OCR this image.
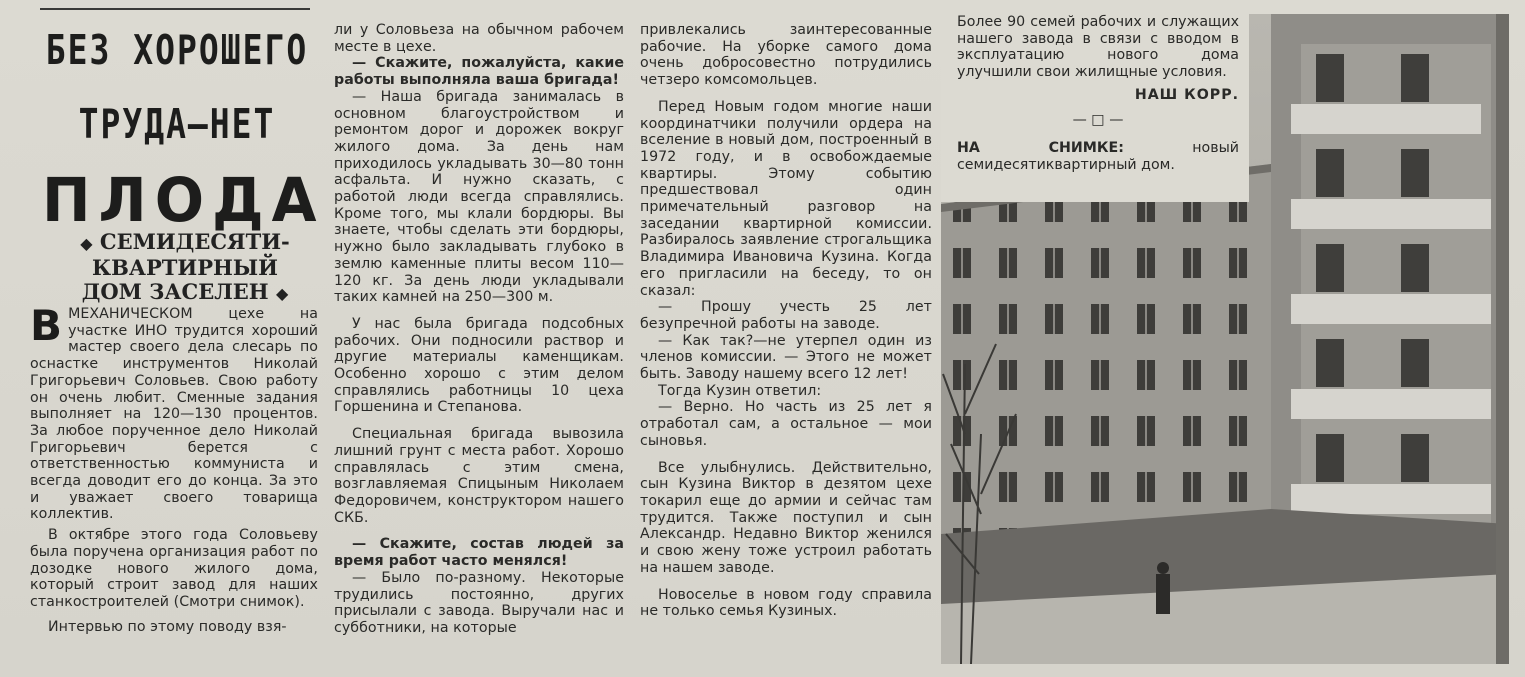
БЕЗ ХОРОШЕГО
ТРУДА—НЕТ
ПЛОДА
◆ СЕМИДЕСЯТИ-
КВАРТИРНЫЙ
ДОМ ЗАСЕЛЕН ◆

ВМЕХАНИЧЕСКОМ цехе на участке ИНО трудится хороший мастер своего дела слесарь по оснастке инструментов Николай Григорьевич Соловьев. Свою работу он очень любит. Сменные задания выполняет на 120—130 процентов. За любое порученное дело Николай Григорьевич берется с ответственностью коммуниста и всегда доводит его до конца. За это и уважает своего товарища коллектив.

В октябре этого года Соловьеву была поручена организация работ по дозодке нового жилого дома, который строит завод для наших станкостроителей (Смотри снимок).

Интервью по этому поводу взя-

ли у Соловьеза на обычном рабочем месте в цехе.

— Скажите, пожалуйста, какие работы выполняла ваша бригада!

— Наша бригада занималась в основном благоустройством и ремонтом дорог и дорожек вокруг жилого дома. За день нам приходилось укладывать 30—80 тонн асфальта. И нужно сказать, с работой люди всегда справлялись. Кроме того, мы клали бордюры. Вы знаете, чтобы сделать эти бордюры, нужно было закладывать глубоко в землю каменные плиты весом 110—120 кг. За день люди укладывали таких камней на 250—300 м.

У нас была бригада подсобных рабочих. Они подносили раствор и другие материалы каменщикам. Особенно хорошо с этим делом справлялись работницы 10 цеха Горшенина и Степанова.

Специальная бригада вывозила лишний грунт с места работ. Хорошо справлялась с этим смена, возглавляемая Спицыным Николаем Федоровичем, конструктором нашего СКБ.

— Скажите, состав людей за время работ часто менялся!

— Было по-разному. Некоторые трудились постоянно, других присылали с завода. Выручали нас и субботники, на которые

привлекались заинтересованные рабочие. На уборке самого дома очень добросовестно потрудились четзеро комсомольцев.

Перед Новым годом многие наши координатчики получили ордера на вселение в новый дом, построенный в 1972 году, и в освобождаемые квартиры. Этому событию предшествовал один примечательный разговор на заседании квартирной комиссии. Разбиралось заявление строгальщика Владимира Ивановича Кузина. Когда его пригласили на беседу, то он сказал:

— Прошу учесть 25 лет безупречной работы на заводе.

— Как так?—не утерпел один из членов комиссии. — Этого не может быть. Заводу нашему всего 12 лет!

Тогда Кузин ответил:

— Верно. Но часть из 25 лет я отработал сам, а остальное — мои сыновья.

Все улыбнулись. Действительно, сын Кузина Виктор в дезятом цехе токарил еще до армии и сейчас там трудится. Также поступил и сын Александр. Недавно Виктор женился и свою жену тоже устроил работать на нашем заводе.

Новоселье в новом году справила не только семья Кузиных.

Более 90 семей рабочих и служащих нашего завода в связи с вводом в эксплуатацию нового дома улучшили свои жилищные условия.

НАШ КОРР.

— □ —

НА СНИМКЕ:	новый семидесятиквартирный дом.
